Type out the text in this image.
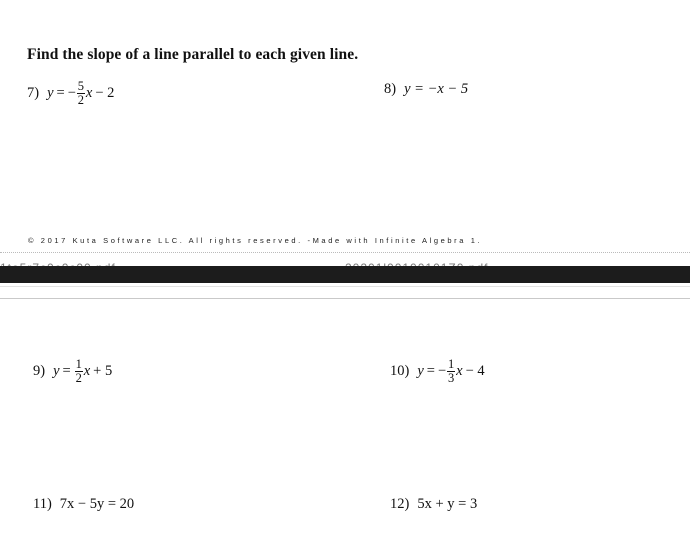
Find the slope of a line parallel to each given line.
7) y = − $\frac{5}{2}$ x − 2	8) y = −x − 5
© 2017 Kuta Software LLC. All rights reserved. -Made with Infinite Algebra 1.
9) $y = \frac{1}{2}$ x + 5	10) y = − $\frac{1}{3}$ x − 4
11) 7x − 5y = 20	12) 5x + y = 3
